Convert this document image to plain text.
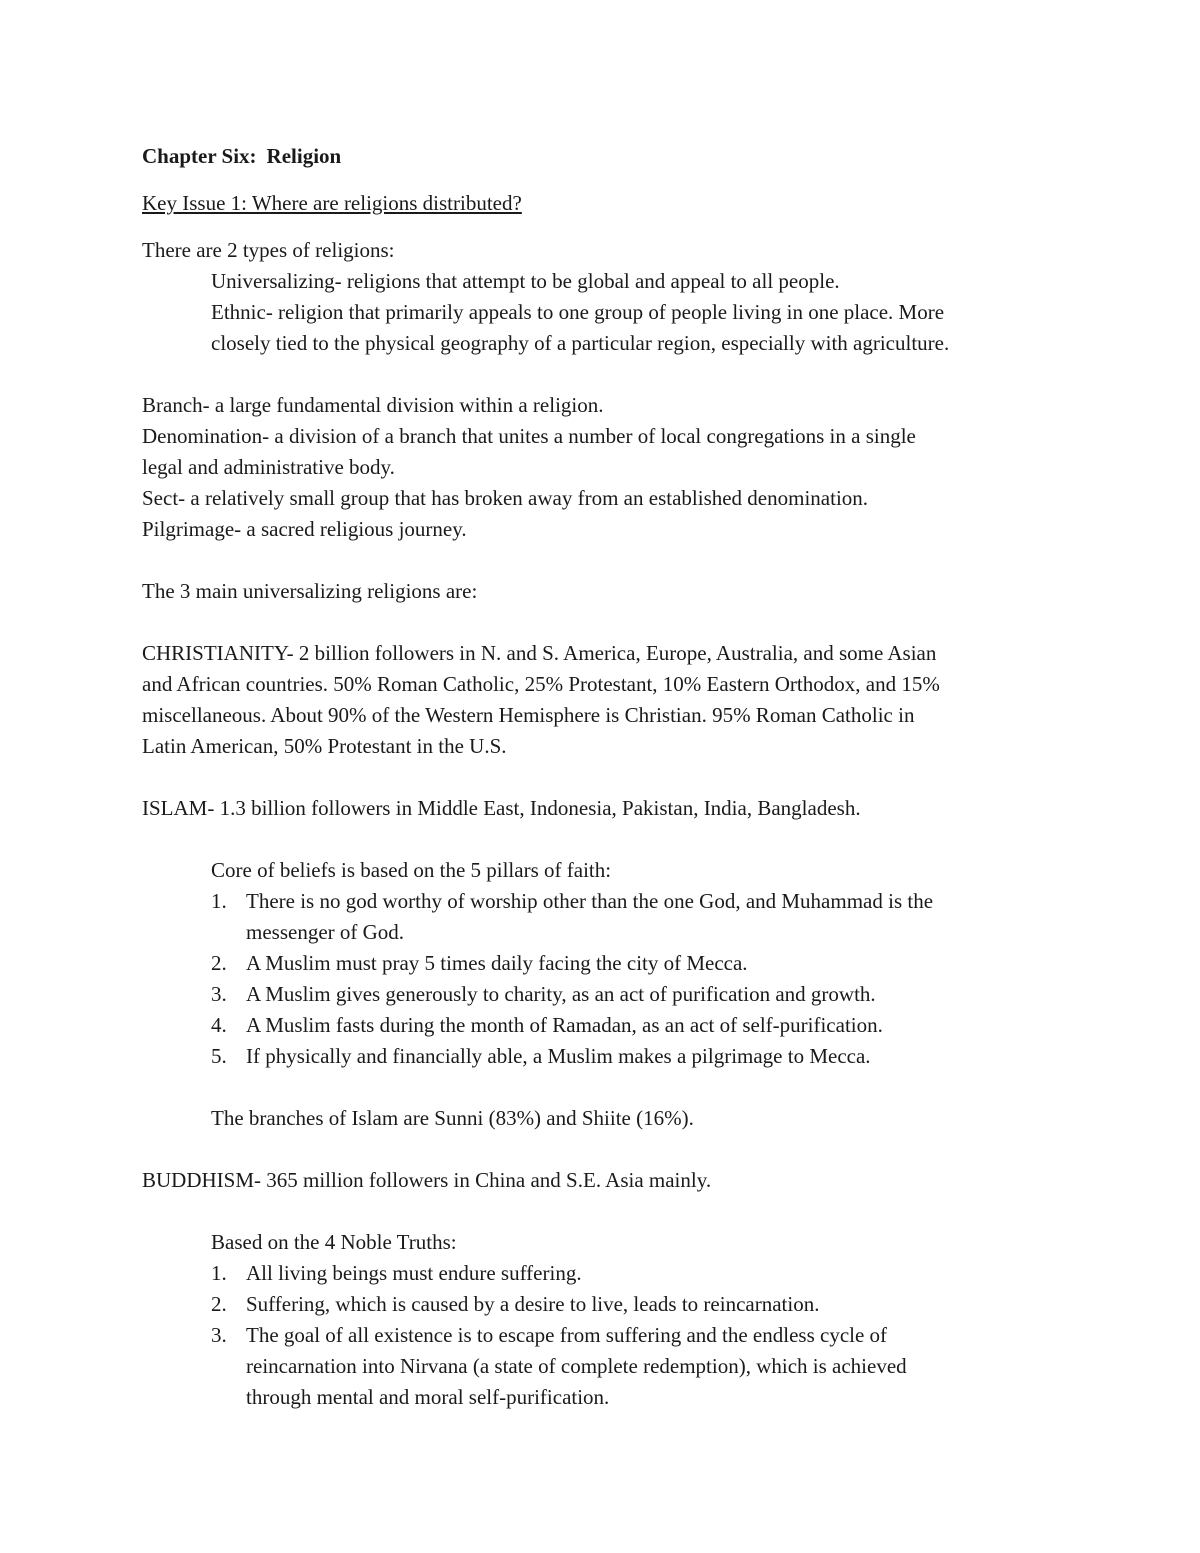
Chapter Six: Religion
Key Issue 1: Where are religions distributed?
There are 2 types of religions:
Universalizing- religions that attempt to be global and appeal to all people.
Ethnic- religion that primarily appeals to one group of people living in one place. More
closely tied to the physical geography of a particular region, especially with agriculture.
Branch- a large fundamental division within a religion.
Denomination- a division of a branch that unites a number of local congregations in a single
legal and administrative body.
Sect- a relatively small group that has broken away from an established denomination.
Pilgrimage- a sacred religious journey.
The 3 main universalizing religions are:
CHRISTIANITY- 2 billion followers in N. and S. America, Europe, Australia, and some Asian
and African countries. 50% Roman Catholic, 25% Protestant, 10% Eastern Orthodox, and 15%
miscellaneous. About 90% of the Western Hemisphere is Christian. 95% Roman Catholic in
Latin American, 50% Protestant in the U.S.
ISLAM- 1.3 billion followers in Middle East, Indonesia, Pakistan, India, Bangladesh.
Core of beliefs is based on the 5 pillars of faith:
1. There is no god worthy of worship other than the one God, and Muhammad is the
messenger of God.
2. A Muslim must pray 5 times daily facing the city of Mecca.
3. A Muslim gives generously to charity, as an act of purification and growth.
4. A Muslim fasts during the month of Ramadan, as an act of self-purification.
5. If physically and financially able, a Muslim makes a pilgrimage to Mecca.
The branches of Islam are Sunni (83%) and Shiite (16%).
BUDDHISM- 365 million followers in China and S.E. Asia mainly.
Based on the 4 Noble Truths:
1. All living beings must endure suffering.
2. Suffering, which is caused by a desire to live, leads to reincarnation.
3. The goal of all existence is to escape from suffering and the endless cycle of
reincarnation into Nirvana (a state of complete redemption), which is achieved
through mental and moral self-purification.
